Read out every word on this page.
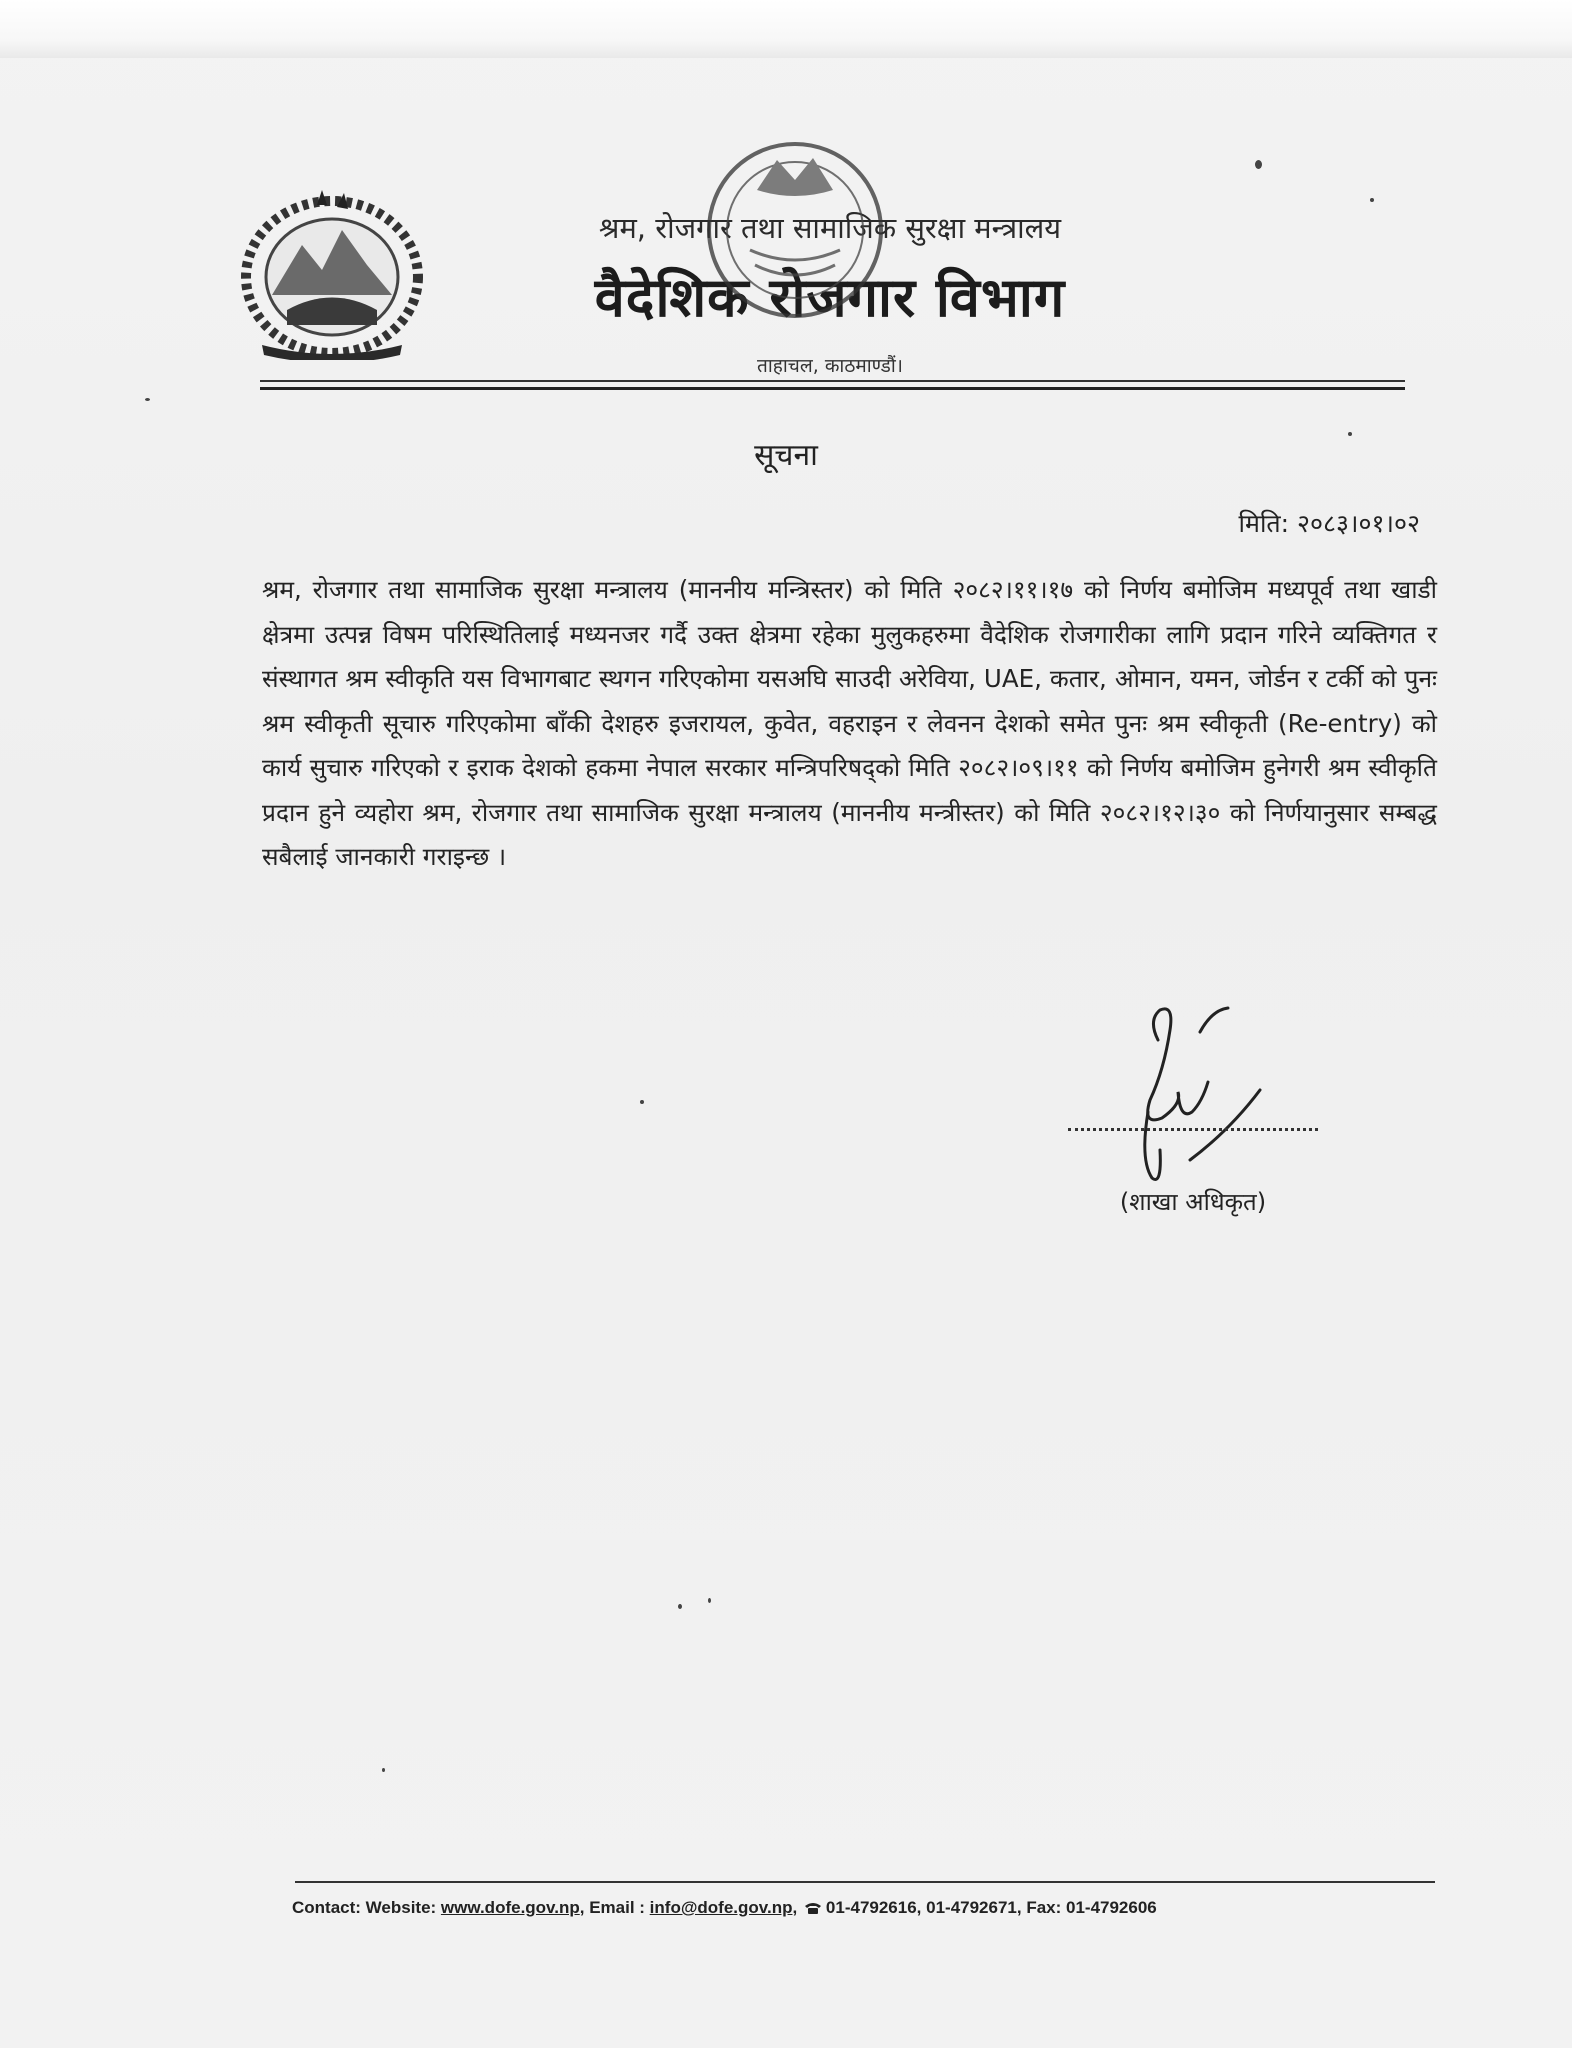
श्रम, रोजगार तथा सामाजिक सुरक्षा मन्त्रालय
वैदेशिक रोजगार विभाग
ताहाचल, काठमाण्डौं।
सूचना
मिति: २०८३।०१।०२
श्रम, रोजगार तथा सामाजिक सुरक्षा मन्त्रालय (माननीय मन्त्रिस्तर) को मिति २०८२।११।१७ को निर्णय बमोजिम मध्यपूर्व तथा खाडी क्षेत्रमा उत्पन्न विषम परिस्थितिलाई मध्यनजर गर्दै उक्त क्षेत्रमा रहेका मुलुकहरुमा वैदेशिक रोजगारीका लागि प्रदान गरिने व्यक्तिगत र संस्थागत श्रम स्वीकृति यस विभागबाट स्थगन गरिएकोमा यसअघि साउदी अरेविया, UAE, कतार, ओमान, यमन, जोर्डन र टर्की को पुनः श्रम स्वीकृती सूचारु गरिएकोमा बाँकी देशहरु इजरायल, कुवेत, वहराइन र लेवनन देशको समेत पुनः श्रम स्वीकृती (Re-entry) को कार्य सुचारु गरिएको र इराक देशको हकमा नेपाल सरकार मन्त्रिपरिषद्को मिति २०८२।०९।११ को निर्णय बमोजिम हुनेगरी श्रम स्वीकृति प्रदान हुने व्यहोरा श्रम, रोजगार तथा सामाजिक सुरक्षा मन्त्रालय (माननीय मन्त्रीस्तर) को मिति २०८२।१२।३० को निर्णयानुसार सम्बद्ध सबैलाई जानकारी गराइन्छ ।
(शाखा अधिकृत)
Contact: Website: www.dofe.gov.np, Email : info@dofe.gov.np, 01-4792616, 01-4792671, Fax: 01-4792606
